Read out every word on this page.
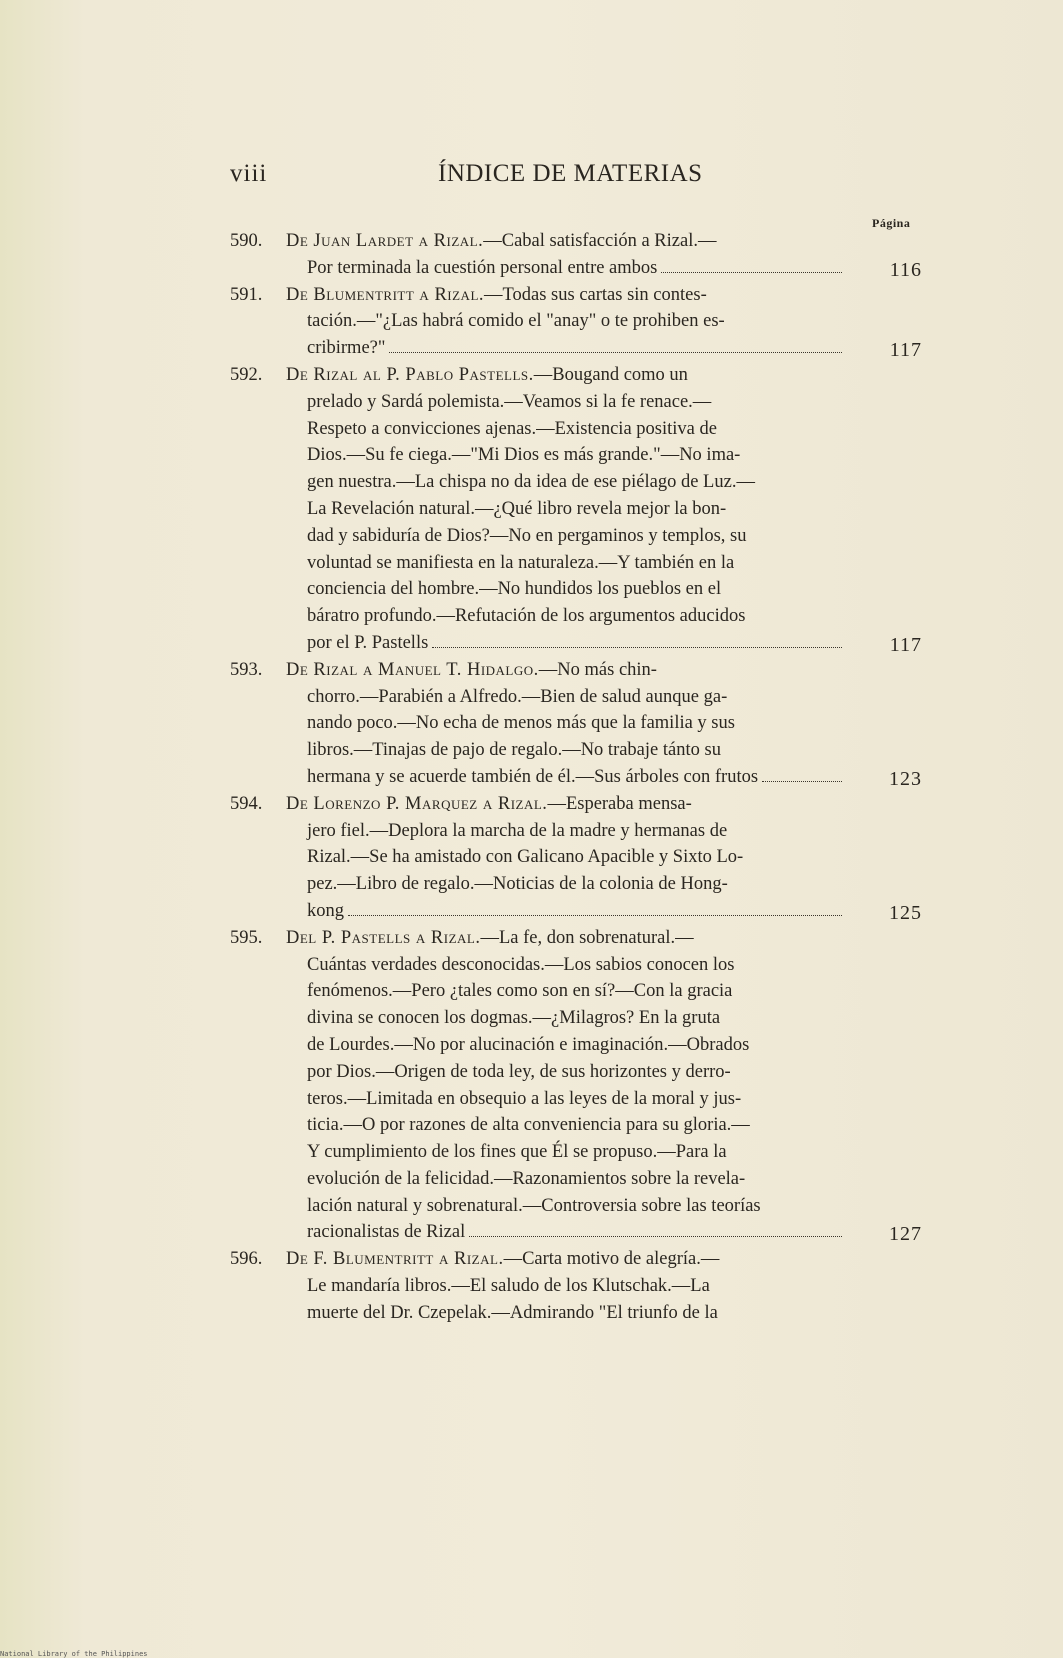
viii	ÍNDICE DE MATERIAS
Página
590.	De Juan Lardet a Rizal.—Cabal satisfacción a Rizal.—
Por terminada la cuestión personal entre ambos	116
591.	De Blumentritt a Rizal.—Todas sus cartas sin contes-
tación.—"¿Las habrá comido el "anay" o te prohiben es-
cribirme?"	117
592.	De Rizal al P. Pablo Pastells.—Bougand como un
prelado y Sardá polemista.—Veamos si la fe renace.—
Respeto a convicciones ajenas.—Existencia positiva de
Dios.—Su fe ciega.—"Mi Dios es más grande."—No ima-
gen nuestra.—La chispa no da idea de ese piélago de Luz.—
La Revelación natural.—¿Qué libro revela mejor la bon-
dad y sabiduría de Dios?—No en pergaminos y templos, su
voluntad se manifiesta en la naturaleza.—Y también en la
conciencia del hombre.—No hundidos los pueblos en el
báratro profundo.—Refutación de los argumentos aducidos
por el P. Pastells	117
593.	De Rizal a Manuel T. Hidalgo.—No más chin-
chorro.—Parabién a Alfredo.—Bien de salud aunque ga-
nando poco.—No echa de menos más que la familia y sus
libros.—Tinajas de pajo de regalo.—No trabaje tánto su
hermana y se acuerde también de él.—Sus árboles con frutos	123
594.	De Lorenzo P. Marquez a Rizal.—Esperaba mensa-
jero fiel.—Deplora la marcha de la madre y hermanas de
Rizal.—Se ha amistado con Galicano Apacible y Sixto Lo-
pez.—Libro de regalo.—Noticias de la colonia de Hong-
kong	125
595.	Del P. Pastells a Rizal.—La fe, don sobrenatural.—
Cuántas verdades desconocidas.—Los sabios conocen los
fenómenos.—Pero ¿tales como son en sí?—Con la gracia
divina se conocen los dogmas.—¿Milagros? En la gruta
de Lourdes.—No por alucinación e imaginación.—Obrados
por Dios.—Origen de toda ley, de sus horizontes y derro-
teros.—Limitada en obsequio a las leyes de la moral y jus-
ticia.—O por razones de alta conveniencia para su gloria.—
Y cumplimiento de los fines que Él se propuso.—Para la
evolución de la felicidad.—Razonamientos sobre la revela-
lación natural y sobrenatural.—Controversia sobre las teorías
racionalistas de Rizal	127
596.	De F. Blumentritt a Rizal.—Carta motivo de alegría.—
Le mandaría libros.—El saludo de los Klutschak.—La
muerte del Dr. Czepelak.—Admirando "El triunfo de la
National Library of the Philippines
